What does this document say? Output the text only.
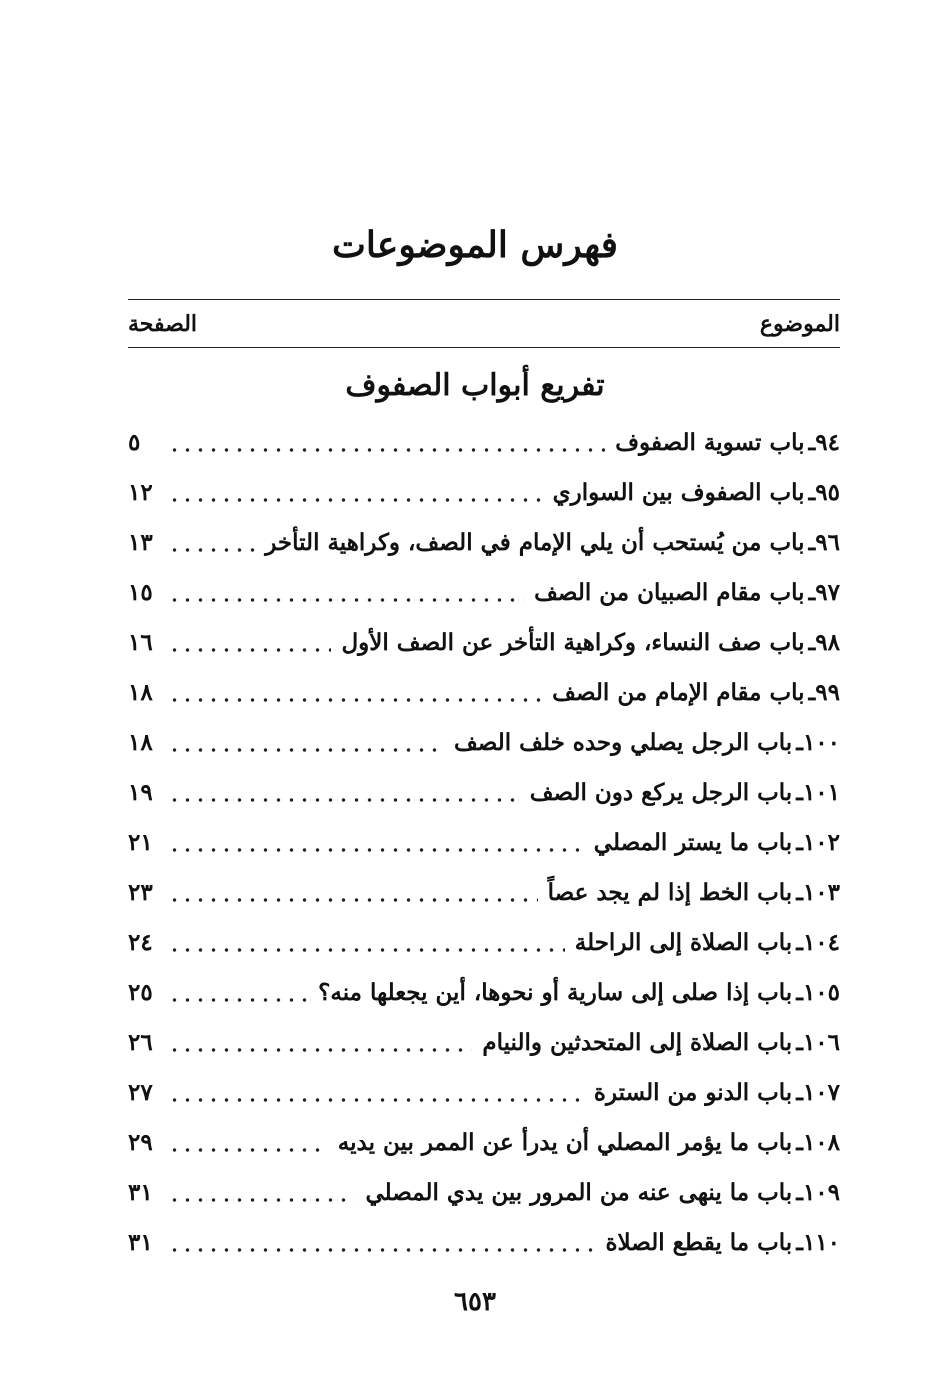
فهرس الموضوعات
الموضوع
الصفحة
تفريع أبواب الصفوف
٩٤
ـ
باب تسوية الصفوف
٥
٩٥
ـ
باب الصفوف بين السواري
١٢
٩٦
ـ
باب من يُستحب أن يلي الإمام في الصف، وكراهية التأخر
١٣
٩٧
ـ
باب مقام الصبيان من الصف
١٥
٩٨
ـ
باب صف النساء، وكراهية التأخر عن الصف الأول
١٦
٩٩
ـ
باب مقام الإمام من الصف
١٨
١٠٠
ـ
باب الرجل يصلي وحده خلف الصف
١٨
١٠١
ـ
باب الرجل يركع دون الصف
١٩
١٠٢
ـ
باب ما يستر المصلي
٢١
١٠٣
ـ
باب الخط إذا لم يجد عصاً
٢٣
١٠٤
ـ
باب الصلاة إلى الراحلة
٢٤
١٠٥
ـ
باب إذا صلى إلى سارية أو نحوها، أين يجعلها منه؟
٢٥
١٠٦
ـ
باب الصلاة إلى المتحدثين والنيام
٢٦
١٠٧
ـ
باب الدنو من السترة
٢٧
١٠٨
ـ
باب ما يؤمر المصلي أن يدرأ عن الممر بين يديه
٢٩
١٠٩
ـ
باب ما ينهى عنه من المرور بين يدي المصلي
٣١
١١٠
ـ
باب ما يقطع الصلاة
٣١
٦٥٣
